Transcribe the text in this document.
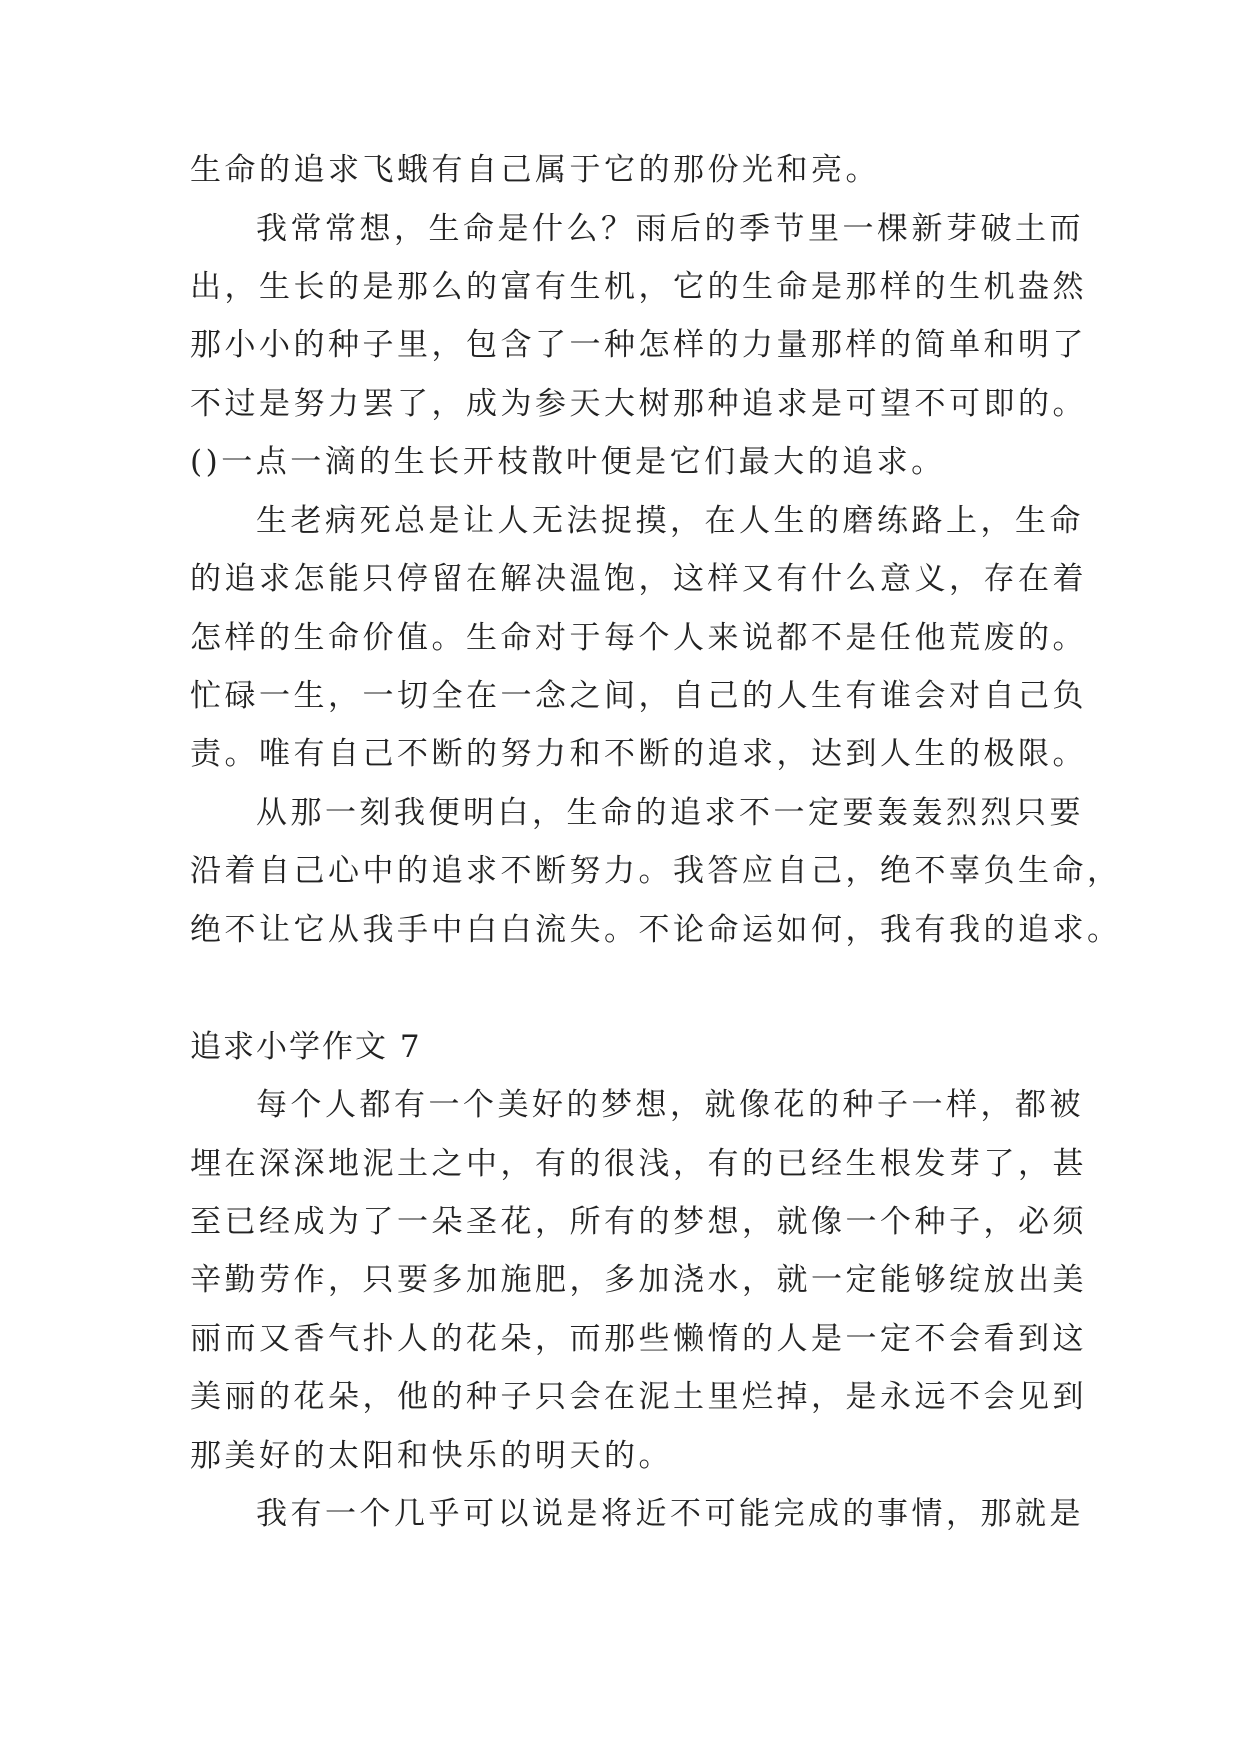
生命的追求飞蛾有自己属于它的那份光和亮。
我常常想，生命是什么？雨后的季节里一棵新芽破土而
出，生长的是那么的富有生机，它的生命是那样的生机盎然
那小小的种子里，包含了一种怎样的力量那样的简单和明了
不过是努力罢了，成为参天大树那种追求是可望不可即的。
()一点一滴的生长开枝散叶便是它们最大的追求。
生老病死总是让人无法捉摸，在人生的磨练路上，生命
的追求怎能只停留在解决温饱，这样又有什么意义，存在着
怎样的生命价值。生命对于每个人来说都不是任他荒废的。
忙碌一生，一切全在一念之间，自己的人生有谁会对自己负
责。唯有自己不断的努力和不断的追求，达到人生的极限。
从那一刻我便明白，生命的追求不一定要轰轰烈烈只要
沿着自己心中的追求不断努力。我答应自己，绝不辜负生命，
绝不让它从我手中白白流失。不论命运如何，我有我的追求。
追求小学作文 7
每个人都有一个美好的梦想，就像花的种子一样，都被
埋在深深地泥土之中，有的很浅，有的已经生根发芽了，甚
至已经成为了一朵圣花，所有的梦想，就像一个种子，必须
辛勤劳作，只要多加施肥，多加浇水，就一定能够绽放出美
丽而又香气扑人的花朵，而那些懒惰的人是一定不会看到这
美丽的花朵，他的种子只会在泥土里烂掉，是永远不会见到
那美好的太阳和快乐的明天的。
我有一个几乎可以说是将近不可能完成的事情，那就是
